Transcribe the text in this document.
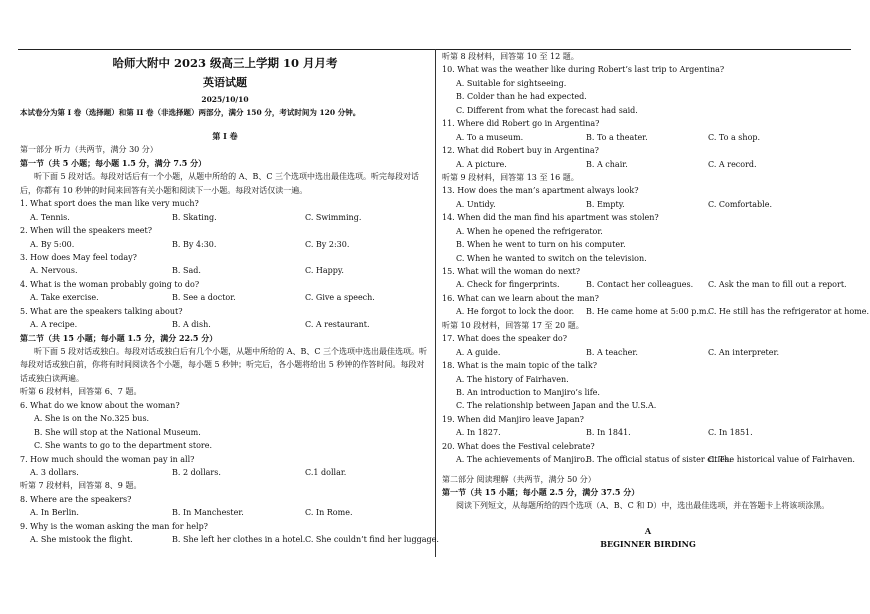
哈师大附中 2023 级高三上学期 10 月月考
英语试题
2025/10/10
本试卷分为第 I 卷（选择题）和第 II 卷（非选择题）两部分，满分 150 分，考试时间为 120 分钟。
第 I 卷
第一部分 听力（共两节，满分 30 分）
第一节（共 5 小题；每小题 1.5 分，满分 7.5 分）
听下面 5 段对话。每段对话后有一个小题，从题中所给的 A、B、C 三个选项中选出最佳选项。听完每段对话后，你都有 10 秒钟的时间来回答有关小题和阅读下一小题。每段对话仅读一遍。
1. What sport does the man like very much?
A. Tennis.	B. Skating.	C. Swimming.
2. When will the speakers meet?
A. By 5:00.	B. By 4:30.	C. By 2:30.
3. How does May feel today?
A. Nervous.	B. Sad.	C. Happy.
4. What is the woman probably going to do?
A. Take exercise.	B. See a doctor.	C. Give a speech.
5. What are the speakers talking about?
A. A recipe.	B. A dish.	C. A restaurant.
第二节（共 15 小题；每小题 1.5 分，满分 22.5 分）
听下面 5 段对话或独白。每段对话或独白后有几个小题，从题中所给的 A、B、C 三个选项中选出最佳选项。听每段对话或独白前，你将有时间阅读各个小题，每小题 5 秒钟；听完后，各小题将给出 5 秒钟的作答时间。每段对话或独白读两遍。
听第 6 段材料，回答第 6、7 题。
6. What do we know about the woman?
A. She is on the No.325 bus.
B. She will stop at the National Museum.
C. She wants to go to the department store.
7. How much should the woman pay in all?
A. 3 dollars.	B. 2 dollars.	C.1 dollar.
听第 7 段材料，回答第 8、9 题。
8. Where are the speakers?
A. In Berlin.	B. In Manchester.	C. In Rome.
9. Why is the woman asking the man for help?
A. She mistook the flight.	B. She left her clothes in a hotel. C. She couldn’t find her luggage.
听第 8 段材料，回答第 10 至 12 题。
10. What was the weather like during Robert’s last trip to Argentina?
A. Suitable for sightseeing.
B. Colder than he had expected.
C. Different from what the forecast had said.
11. Where did Robert go in Argentina?
A. To a museum.	B. To a theater.	C. To a shop.
12. What did Robert buy in Argentina?
A. A picture.	B. A chair.	C. A record.
听第 9 段材料，回答第 13 至 16 题。
13. How does the man’s apartment always look?
A. Untidy.	B. Empty.	C. Comfortable.
14. When did the man find his apartment was stolen?
A. When he opened the refrigerator.
B. When he went to turn on his computer.
C. When he wanted to switch on the television.
15. What will the woman do next?
A. Check for fingerprints.	B. Contact her colleagues. C. Ask the man to fill out a report.
16. What can we learn about the man?
A. He forgot to lock the door. B. He came home at 5:00 p.m. C. He still has the refrigerator at home.
听第 10 段材料，回答第 17 至 20 题。
17. What does the speaker do?
A. A guide.	B. A teacher.	C. An interpreter.
18. What is the main topic of the talk?
A. The history of Fairhaven.
B. An introduction to Manjiro’s life.
C. The relationship between Japan and the U.S.A.
19. When did Manjiro leave Japan?
A. In 1827.	B. In 1841.	C. In 1851.
20. What does the Festival celebrate?
A. The achievements of Manjiro.
B. The official status of sister cities.
C. The historical value of Fairhaven.
第二部分 阅读理解（共两节，满分 50 分）
第一节（共 15 小题；每小题 2.5 分，满分 37.5 分）
阅读下列短文，从每题所给的四个选项（A、B、C 和 D）中，选出最佳选项，并在答题卡上将该项涂黑。
A
BEGINNER BIRDING
